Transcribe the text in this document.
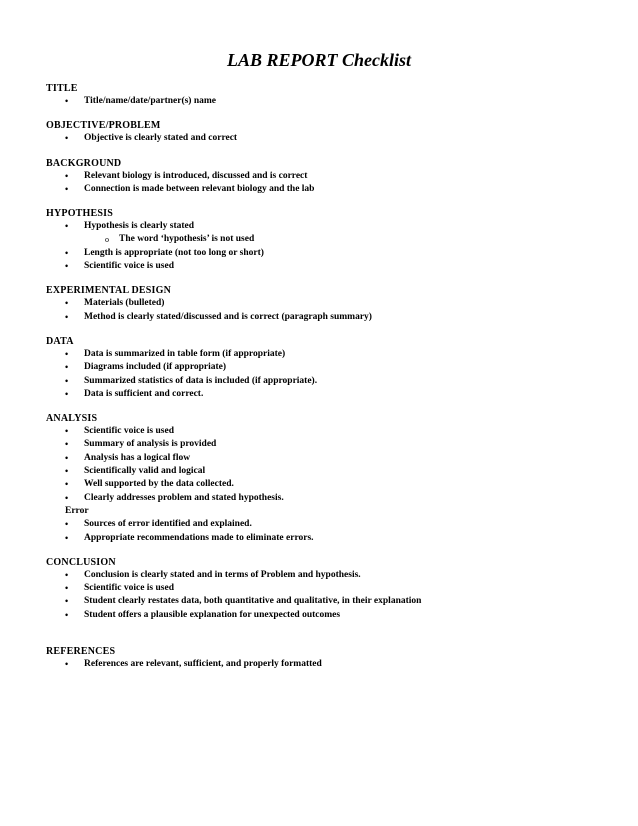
LAB REPORT Checklist
TITLE
• Title/name/date/partner(s) name
OBJECTIVE/PROBLEM
• Objective is clearly stated and correct
BACKGROUND
• Relevant biology is introduced, discussed and is correct
• Connection is made between relevant biology and the lab
HYPOTHESIS
• Hypothesis is clearly stated
o The word ‘hypothesis’ is not used
• Length is appropriate (not too long or short)
• Scientific voice is used
EXPERIMENTAL DESIGN
• Materials (bulleted)
• Method is clearly stated/discussed and is correct (paragraph summary)
DATA
• Data is summarized in table form (if appropriate)
• Diagrams included (if appropriate)
• Summarized statistics of data is included (if appropriate).
• Data is sufficient and correct.
ANALYSIS
• Scientific voice is used
• Summary of analysis is provided
• Analysis has a logical flow
• Scientifically valid and logical
• Well supported by the data collected.
• Clearly addresses problem and stated hypothesis.
Error
• Sources of error identified and explained.
• Appropriate recommendations made to eliminate errors.
CONCLUSION
• Conclusion is clearly stated and in terms of Problem and hypothesis.
• Scientific voice is used
• Student clearly restates data, both quantitative and qualitative, in their explanation
• Student offers a plausible explanation for unexpected outcomes
REFERENCES
• References are relevant, sufficient, and properly formatted
